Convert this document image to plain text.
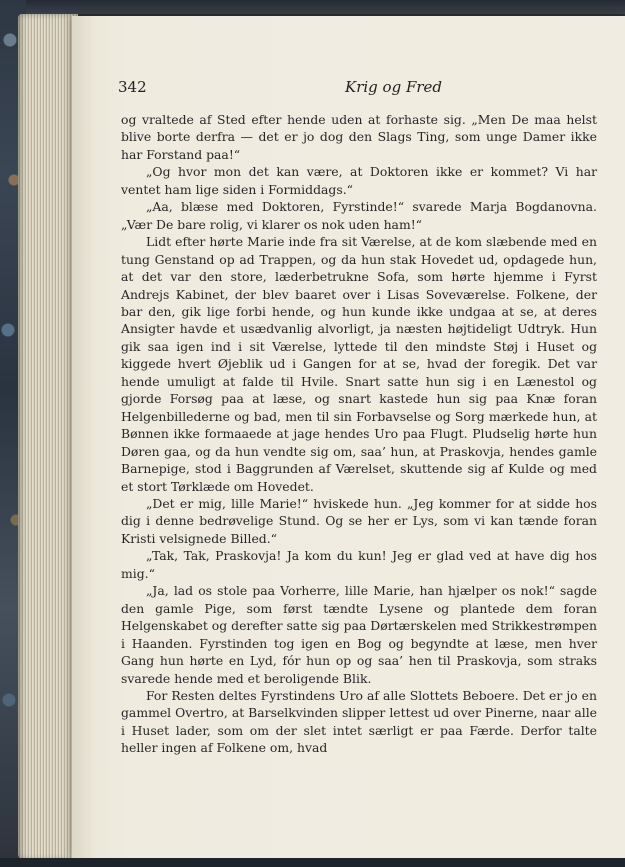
342	Krig og Fred

og vraltede af Sted efter hende uden at forhaste sig. „Men De maa helst blive borte derfra — det er jo dog den Slags Ting, som unge Damer ikke har Forstand paa!“

„Og hvor mon det kan være, at Doktoren ikke er kommet? Vi har ventet ham lige siden i Formiddags.“

„Aa, blæse med Doktoren, Fyrstinde!“ svarede Marja Bogdanovna. „Vær De bare rolig, vi klarer os nok uden ham!“

Lidt efter hørte Marie inde fra sit Værelse, at de kom slæbende med en tung Genstand op ad Trappen, og da hun stak Hovedet ud, opdagede hun, at det var den store, læderbetrukne Sofa, som hørte hjemme i Fyrst Andrejs Kabinet, der blev baaret over i Lisas Soveværelse. Folkene, der bar den, gik lige forbi hende, og hun kunde ikke undgaa at se, at deres Ansigter havde et usædvanlig alvorligt, ja næsten højtideligt Udtryk. Hun gik saa igen ind i sit Værelse, lyttede til den mindste Støj i Huset og kiggede hvert Øjeblik ud i Gangen for at se, hvad der foregik. Det var hende umuligt at falde til Hvile. Snart satte hun sig i en Lænestol og gjorde Forsøg paa at læse, og snart kastede hun sig paa Knæ foran Helgenbillederne og bad, men til sin Forbavselse og Sorg mærkede hun, at Bønnen ikke formaaede at jage hendes Uro paa Flugt. Pludselig hørte hun Døren gaa, og da hun vendte sig om, saa’ hun, at Praskovja, hendes gamle Barnepige, stod i Baggrunden af Værelset, skuttende sig af Kulde og med et stort Tørklæde om Hovedet.

„Det er mig, lille Marie!“ hviskede hun. „Jeg kommer for at sidde hos dig i denne bedrøvelige Stund. Og se her er Lys, som vi kan tænde foran Kristi velsignede Billed.“

„Tak, Tak, Praskovja! Ja kom du kun! Jeg er glad ved at have dig hos mig.“

„Ja, lad os stole paa Vorherre, lille Marie, han hjælper os nok!“ sagde den gamle Pige, som først tændte Lysene og plantede dem foran Helgenskabet og derefter satte sig paa Dørtærskelen med Strikkestrømpen i Haanden. Fyrstinden tog igen en Bog og begyndte at læse, men hver Gang hun hørte en Lyd, fór hun op og saa’ hen til Praskovja, som straks svarede hende med et beroligende Blik.

For Resten deltes Fyrstindens Uro af alle Slottets Beboere. Det er jo en gammel Overtro, at Barselkvinden slipper lettest ud over Pinerne, naar alle i Huset lader, som om der slet intet særligt er paa Færde. Derfor talte heller ingen af Folkene om, hvad
